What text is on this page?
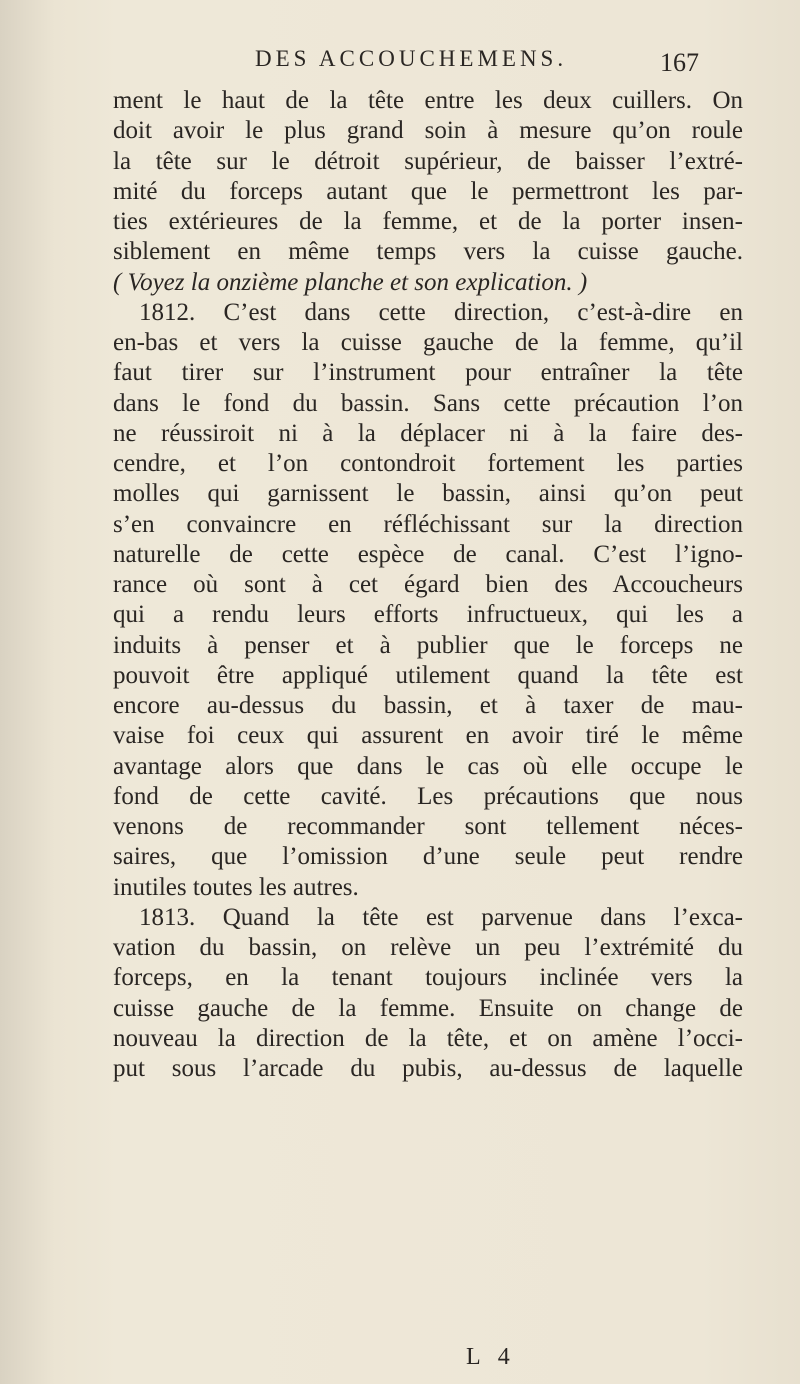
DES ACCOUCHEMENS.	167
ment le haut de la tête entre les deux cuillers. On
doit avoir le plus grand soin à mesure qu’on roule
la tête sur le détroit supérieur, de baisser l’extré-
mité du forceps autant que le permettront les par-
ties extérieures de la femme, et de la porter insen-
siblement en même temps vers la cuisse gauche.
( Voyez la onzième planche et son explication. )
1812. C’est dans cette direction, c’est-à-dire en
en-bas et vers la cuisse gauche de la femme, qu’il
faut tirer sur l’instrument pour entraîner la tête
dans le fond du bassin. Sans cette précaution l’on
ne réussiroit ni à la déplacer ni à la faire des-
cendre, et l’on contondroit fortement les parties
molles qui garnissent le bassin, ainsi qu’on peut
s’en convaincre en réfléchissant sur la direction
naturelle de cette espèce de canal. C’est l’igno-
rance où sont à cet égard bien des Accoucheurs
qui a rendu leurs efforts infructueux, qui les a
induits à penser et à publier que le forceps ne
pouvoit être appliqué utilement quand la tête est
encore au-dessus du bassin, et à taxer de mau-
vaise foi ceux qui assurent en avoir tiré le même
avantage alors que dans le cas où elle occupe le
fond de cette cavité. Les précautions que nous
venons de recommander sont tellement néces-
saires, que l’omission d’une seule peut rendre
inutiles toutes les autres.
1813. Quand la tête est parvenue dans l’exca-
vation du bassin, on relève un peu l’extrémité du
forceps, en la tenant toujours inclinée vers la
cuisse gauche de la femme. Ensuite on change de
nouveau la direction de la tête, et on amène l’occi-
put sous l’arcade du pubis, au-dessus de laquelle
L 4
